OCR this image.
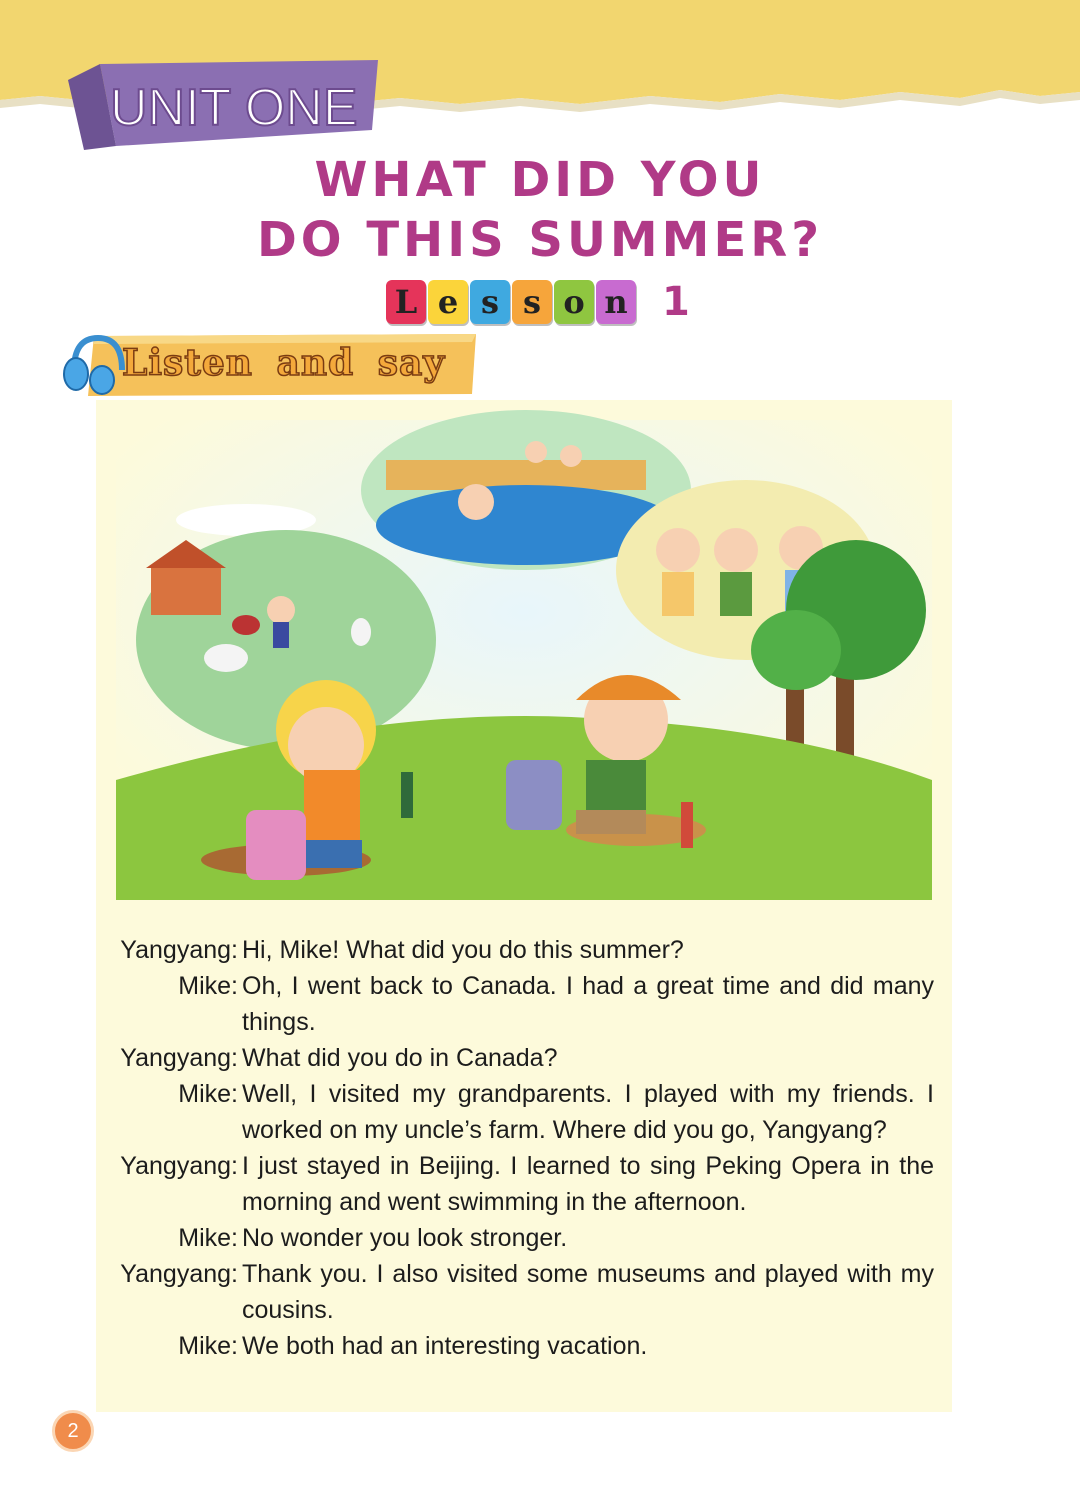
UNIT ONE
WHAT DID YOU
DO THIS SUMMER?
L e s s o n 1
Listen and say
Yangyang: Hi, Mike! What did you do this summer?
Mike: Oh, I went back to Canada. I had a great time and did many things.
Yangyang: What did you do in Canada?
Mike: Well, I visited my grandparents. I played with my friends. I worked on my uncle’s farm. Where did you go, Yangyang?
Yangyang: I just stayed in Beijing. I learned to sing Peking Opera in the morning and went swimming in the afternoon.
Mike: No wonder you look stronger.
Yangyang: Thank you. I also visited some museums and played with my cousins.
Mike: We both had an interesting vacation.
2
